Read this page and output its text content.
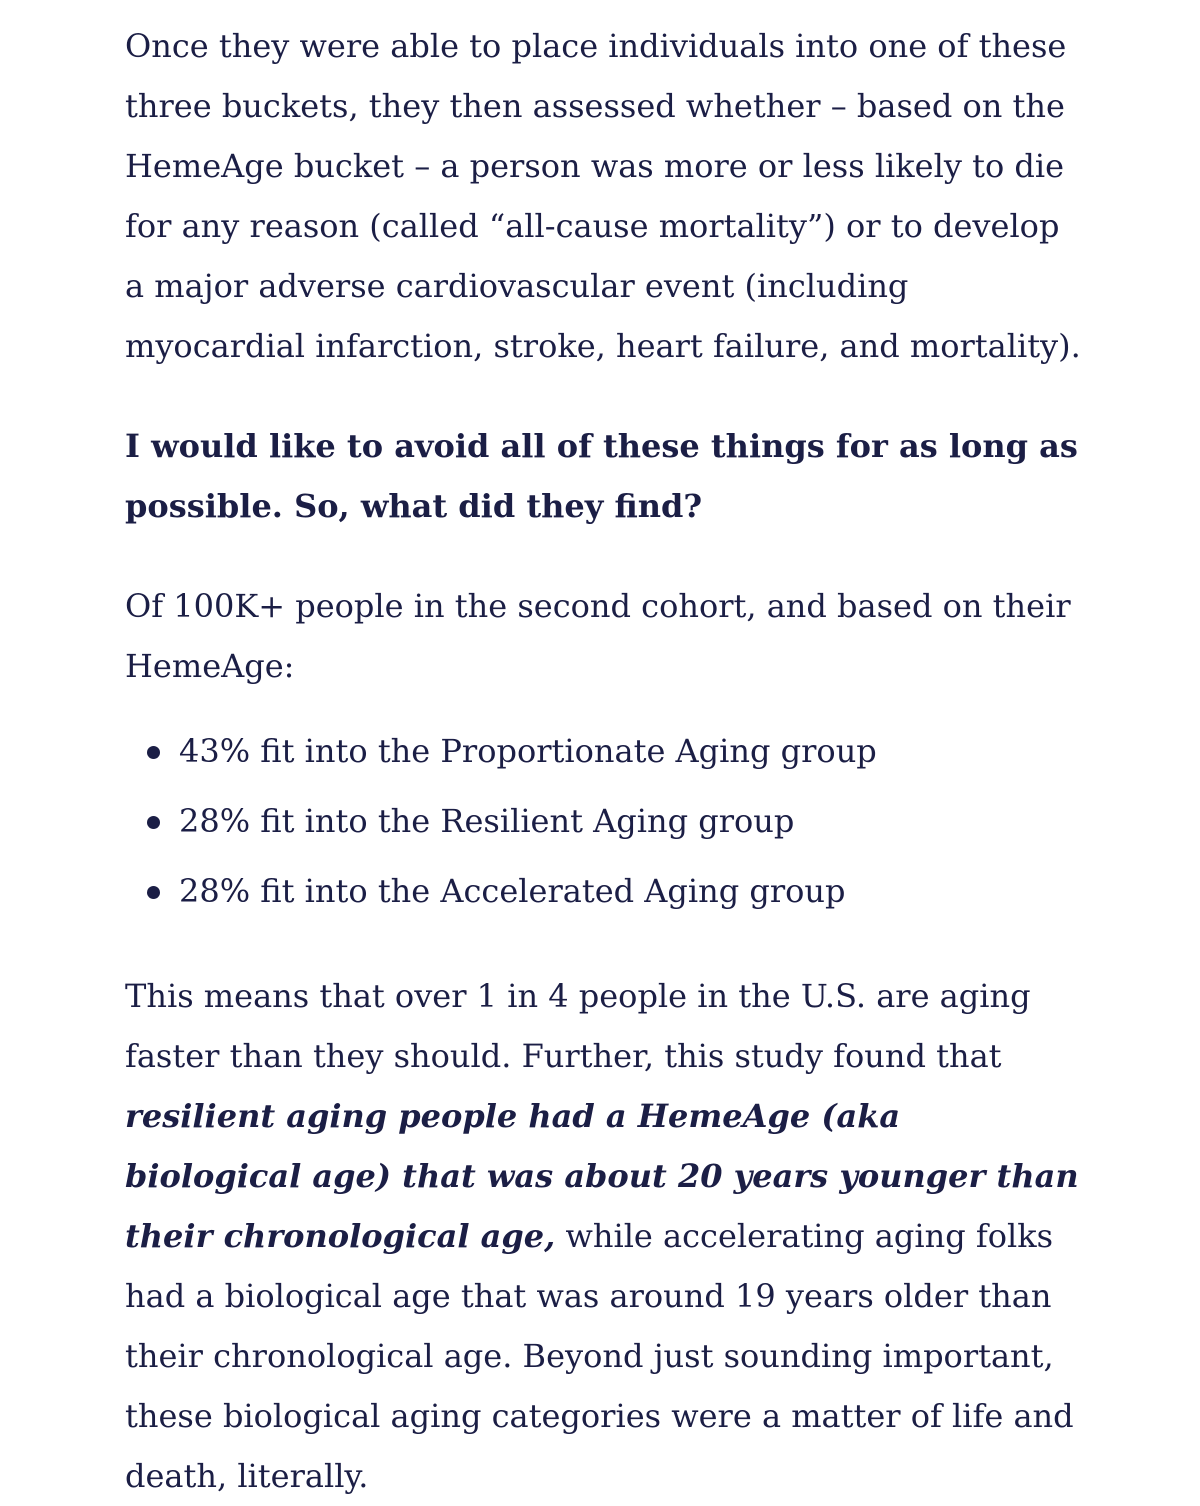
Once they were able to place individuals into one of these three buckets, they then assessed whether – based on the HemeAge bucket – a person was more or less likely to die for any reason (called “all-cause mortality”) or to develop a major adverse cardiovascular event (including myocardial infarction, stroke, heart failure, and mortality).

I would like to avoid all of these things for as long as possible. So, what did they find?

Of 100K+ people in the second cohort, and based on their HemeAge:

43% fit into the Proportionate Aging group
28% fit into the Resilient Aging group
28% fit into the Accelerated Aging group

This means that over 1 in 4 people in the U.S. are aging faster than they should. Further, this study found that resilient aging people had a HemeAge (aka biological age) that was about 20 years younger than their chronological age, while accelerating aging folks had a biological age that was around 19 years older than their chronological age. Beyond just sounding important, these biological aging categories were a matter of life and death, literally.
